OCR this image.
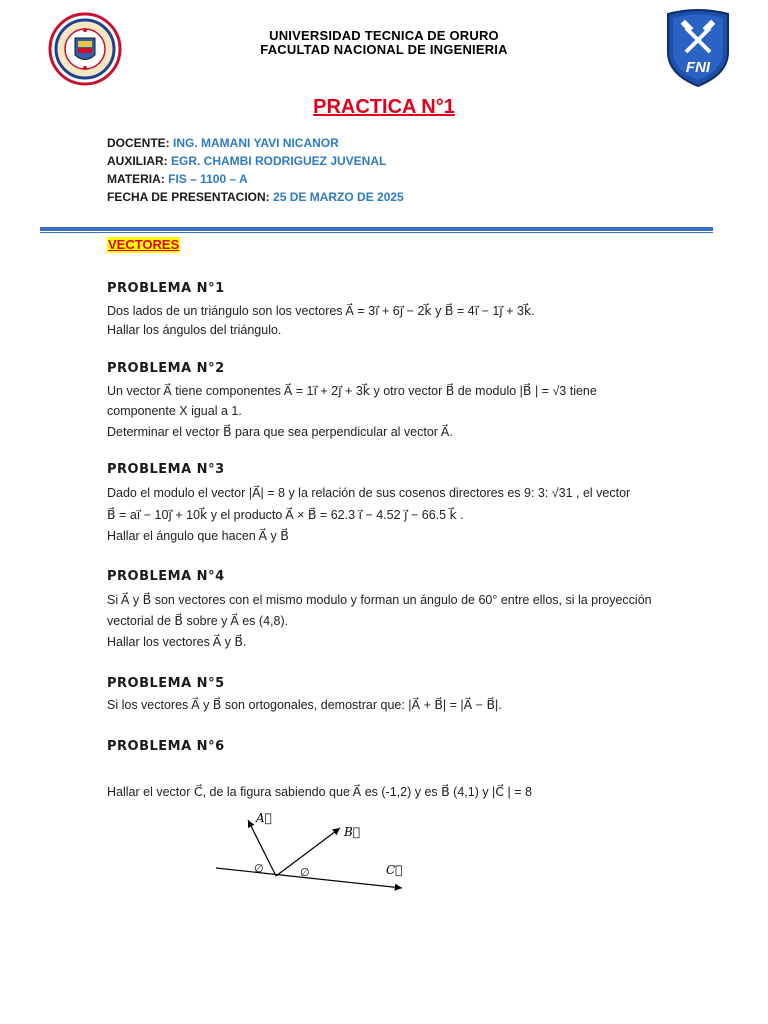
FNI
UNIVERSIDAD TECNICA DE ORURO
FACULTAD NACIONAL DE INGENIERIA
PRACTICA N°1
DOCENTE: ING. MAMANI YAVI NICANOR
AUXILIAR: EGR. CHAMBI RODRIGUEZ JUVENAL
MATERIA: FIS – 1100 – A
FECHA DE PRESENTACION: 25 DE MARZO DE 2025
VECTORES
PROBLEMA N°1
Dos lados de un triángulo son los vectores A⃗ = 3i⃗ + 6j⃗ − 2k⃗ y B⃗ = 4i⃗ − 1j⃗ + 3k⃗.
Hallar los ángulos del triángulo.
PROBLEMA N°2
Un vector A⃗ tiene componentes A⃗ = 1i⃗ + 2j⃗ + 3k⃗ y otro vector B⃗ de modulo |B⃗ | = √3 tiene
componente X igual a 1.
Determinar el vector B⃗ para que sea perpendicular al vector A⃗.
PROBLEMA N°3
Dado el modulo el vector |A⃗| = 8 y la relación de sus cosenos directores es 9: 3: √31 , el vector
B⃗ = ai⃗ − 10j⃗ + 10k⃗ y el producto A⃗ × B⃗ = 62.3 i⃗ − 4.52 j⃗ − 66.5 k⃗ .
Hallar el ángulo que hacen A⃗ y B⃗
PROBLEMA N°4
Si A⃗ y B⃗ son vectores con el mismo modulo y forman un ángulo de 60° entre ellos, si la proyección
vectorial de B⃗ sobre y A⃗ es (4,8).
Hallar los vectores A⃗ y B⃗.
PROBLEMA N°5
Si los vectores A⃗ y B⃗ son ortogonales, demostrar que: |A⃗ + B⃗| = |A⃗ − B⃗|.
PROBLEMA N°6
Hallar el vector C⃗, de la figura sabiendo que A⃗ es (-1,2) y es B⃗ (4,1) y |C⃗ | = 8
A⃗
B⃗
C⃗
∅	∅
